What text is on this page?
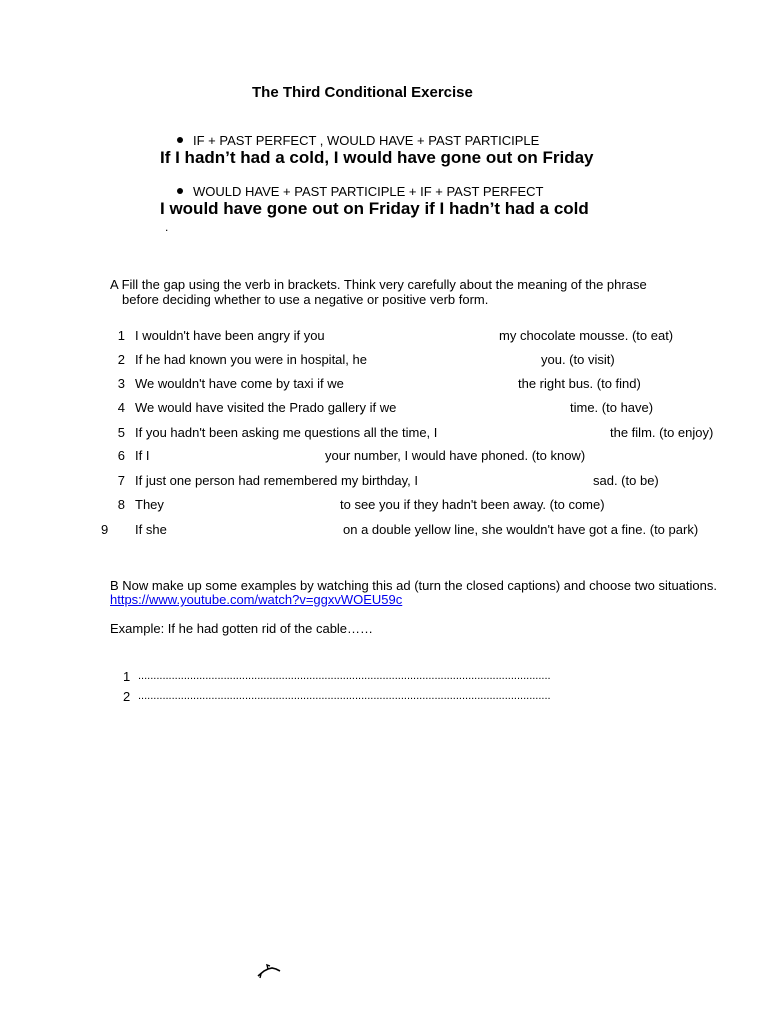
The Third Conditional Exercise
IF + PAST PERFECT , WOULD HAVE + PAST PARTICIPLE
If I hadn’t had a cold, I would have gone out on Friday
WOULD HAVE + PAST PARTICIPLE + IF + PAST PERFECT
I would have gone out on Friday if I hadn’t had a cold
.
A Fill the gap using the verb in brackets. Think very carefully about the meaning of the phrase
before deciding whether to use a negative or positive verb form.
1 I wouldn't have been angry if you	my chocolate mousse. (to eat)
2 If he had known you were in hospital, he	you. (to visit)
3 We wouldn't have come by taxi if we	the right bus. (to find)
4 We would have visited the Prado gallery if we	time. (to have)
5 If you hadn't been asking me questions all the time, I	the film. (to enjoy)
6 If I	your number, I would have phoned. (to know)
7 If just one person had remembered my birthday, I	sad. (to be)
8 They	to see you if they hadn't been away. (to come)
9	If she	on a double yellow line, she wouldn't have got a fine. (to park)
B Now make up some examples by watching this ad (turn the closed captions) and choose two situations.
https://www.youtube.com/watch?v=ggxvWOEU59c
Example: If he had gotten rid of the cable……
1 .......................................................................................................................................
2 .......................................................................................................................................
